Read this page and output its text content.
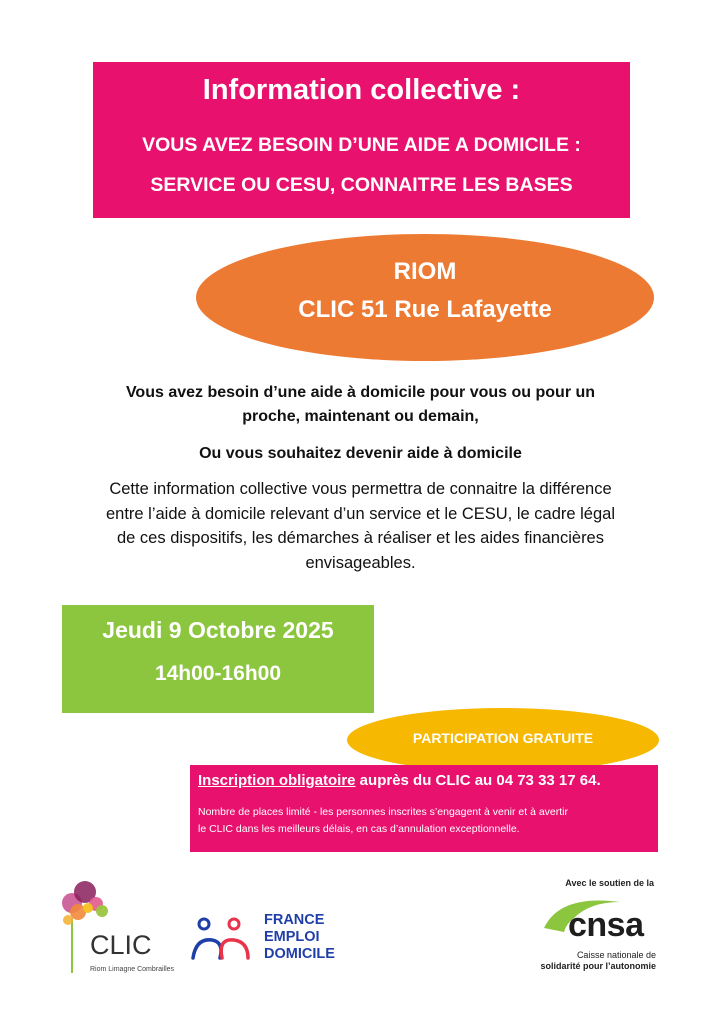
Information collective :
VOUS AVEZ BESOIN D’UNE AIDE A DOMICILE :
SERVICE OU CESU, CONNAITRE LES BASES
RIOM
CLIC 51 Rue Lafayette
Vous avez besoin d’une aide à domicile pour vous ou pour un
proche, maintenant ou demain,
Ou vous souhaitez devenir aide à domicile
Cette information collective vous permettra de connaitre la différence
entre l’aide à domicile relevant d’un service et le CESU, le cadre légal
de ces dispositifs, les démarches à réaliser et les aides financières
envisageables.
Jeudi 9 Octobre 2025
14h00-16h00
PARTICIPATION GRATUITE
Inscription obligatoire auprès du CLIC au 04 73 33 17 64.
Nombre de places limité - les personnes inscrites s’engagent à venir et à avertir
le CLIC dans les meilleurs délais, en cas d’annulation exceptionnelle.
CLIC
Riom Limagne Combrailles
FRANCE
EMPLOI
DOMICILE
Avec le soutien de la
cnsa
Caisse nationale de
solidarité pour l’autonomie
